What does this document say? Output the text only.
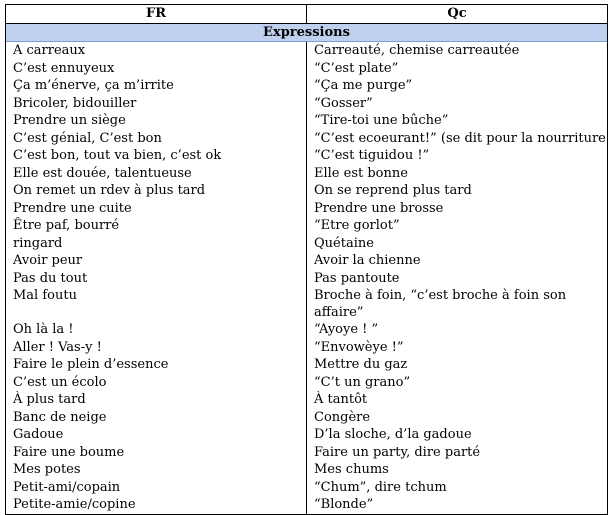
FR	Qc
Expressions
A carreaux	Carreauté, chemise carreautée
C’est ennuyeux	“C’est plate”
Ça m’énerve, ça m’irrite	“Ça me purge”
Bricoler, bidouiller	“Gosser”
Prendre un siège	“Tire-toi une bûche”
C’est génial, C’est bon	“C’est ecoeurant!” (se dit pour la nourriture
C’est bon, tout va bien, c’est ok	“C’est tiguidou !”
Elle est douée, talentueuse	Elle est bonne
On remet un rdev à plus tard	On se reprend plus tard
Prendre une cuite	Prendre une brosse
Être paf, bourré	“Etre gorlot”
ringard	Quétaine
Avoir peur	Avoir la chienne
Pas du tout	Pas pantoute
Mal foutu	Broche à foin, “c’est broche à foin son affaire”
Oh là la !	“Ayoye ! ”
Aller ! Vas-y !	“Envowèye !”
Faire le plein d’essence	Mettre du gaz
C’est un écolo	“C’t un grano”
À plus tard	À tantôt
Banc de neige	Congère
Gadoue	D’la sloche, d’la gadoue
Faire une boume	Faire un party, dire parté
Mes potes	Mes chums
Petit-ami/copain	“Chum”, dire tchum
Petite-amie/copine	“Blonde”
